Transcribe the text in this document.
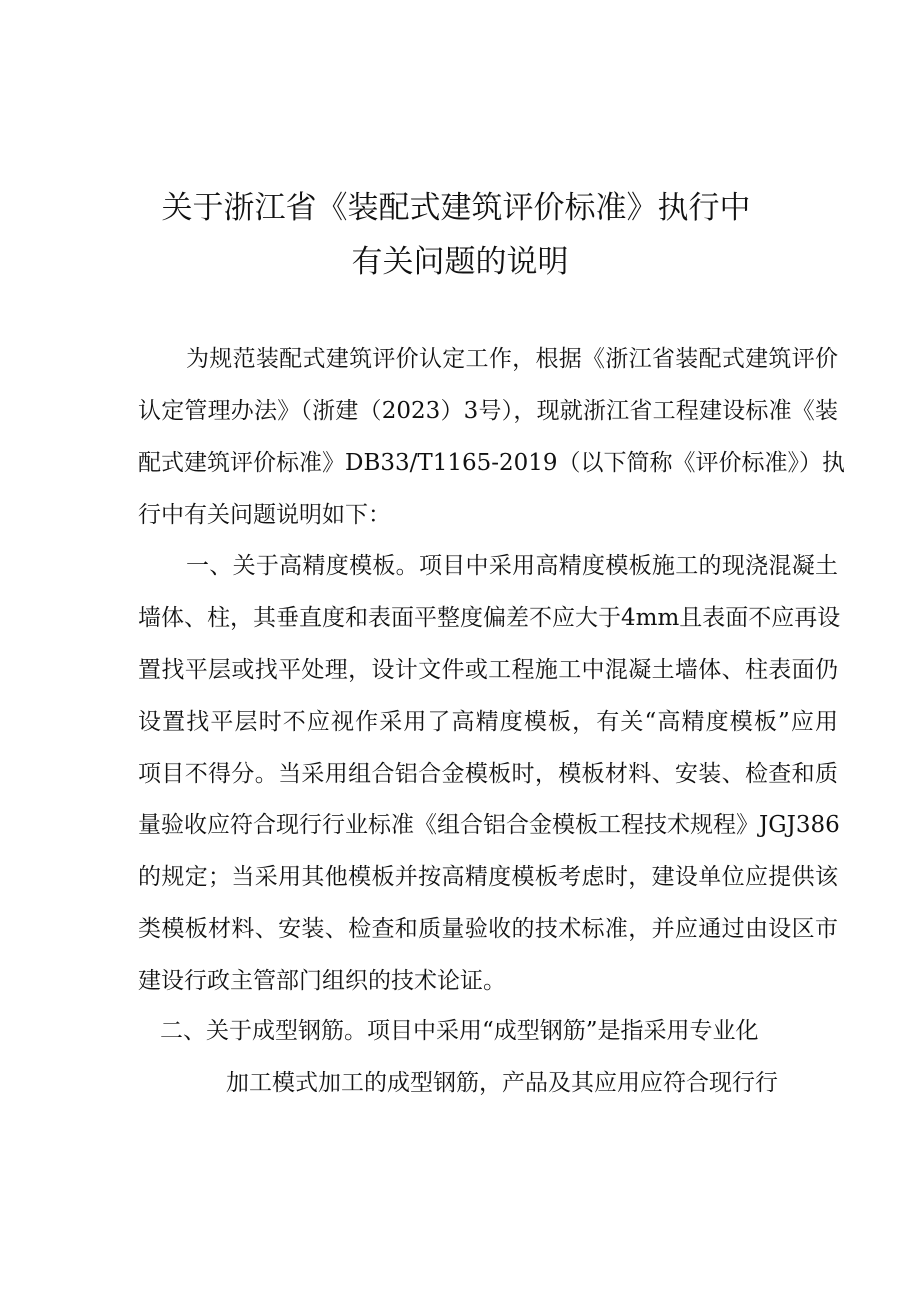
关于浙江省《装配式建筑评价标准》执行中
有关问题的说明
为规范装配式建筑评价认定工作，根据《浙江省装配式建筑评价
认定管理办法》（浙建（2023）3号），现就浙江省工程建设标准《装
配式建筑评价标准》DB33/T1165-2019（以下简称《评价标准》）执
行中有关问题说明如下：
一、关于高精度模板。项目中采用高精度模板施工的现浇混凝土
墙体、柱，其垂直度和表面平整度偏差不应大于4mm且表面不应再设
置找平层或找平处理，设计文件或工程施工中混凝土墙体、柱表面仍
设置找平层时不应视作采用了高精度模板，有关“高精度模板”应用
项目不得分。当采用组合铝合金模板时，模板材料、安装、检查和质
量验收应符合现行行业标准《组合铝合金模板工程技术规程》JGJ386
的规定；当采用其他模板并按高精度模板考虑时，建设单位应提供该
类模板材料、安装、检查和质量验收的技术标准，并应通过由设区市
建设行政主管部门组织的技术论证。
二、关于成型钢筋。项目中采用“成型钢筋”是指采用专业化
加工模式加工的成型钢筋，产品及其应用应符合现行行
